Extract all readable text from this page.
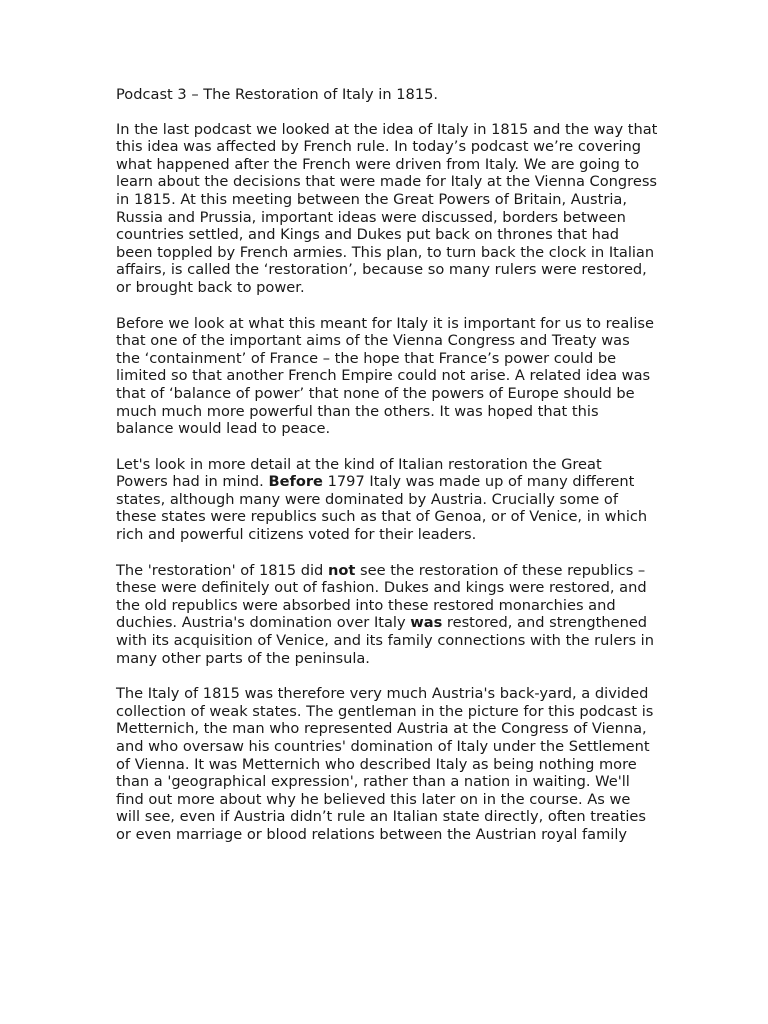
Podcast 3 – The Restoration of Italy in 1815.
In the last podcast we looked at the idea of Italy in 1815 and the way that this idea was affected by French rule. In today’s podcast we’re covering what happened after the French were driven from Italy. We are going to learn about the decisions that were made for Italy at the Vienna Congress in 1815. At this meeting between the Great Powers of Britain, Austria, Russia and Prussia, important ideas were discussed, borders between countries settled, and Kings and Dukes put back on thrones that had been toppled by French armies. This plan, to turn back the clock in Italian affairs, is called the ‘restoration’, because so many rulers were restored, or brought back to power.
Before we look at what this meant for Italy it is important for us to realise that one of the important aims of the Vienna Congress and Treaty was the ‘containment’ of France – the hope that France’s power could be limited so that another French Empire could not arise. A related idea was that of ‘balance of power’ that none of the powers of Europe should be much much more powerful than the others. It was hoped that this balance would lead to peace.
Let's look in more detail at the kind of Italian restoration the Great Powers had in mind. Before 1797 Italy was made up of many different states, although many were dominated by Austria. Crucially some of these states were republics such as that of Genoa, or of Venice, in which rich and powerful citizens voted for their leaders.
The 'restoration' of 1815 did not see the restoration of these republics – these were definitely out of fashion. Dukes and kings were restored, and the old republics were absorbed into these restored monarchies and duchies. Austria's domination over Italy was restored, and strengthened with its acquisition of Venice, and its family connections with the rulers in many other parts of the peninsula.
The Italy of 1815 was therefore very much Austria's back-yard, a divided collection of weak states. The gentleman in the picture for this podcast is Metternich, the man who represented Austria at the Congress of Vienna, and who oversaw his countries' domination of Italy under the Settlement of Vienna. It was Metternich who described Italy as being nothing more than a 'geographical expression', rather than a nation in waiting. We'll find out more about why he believed this later on in the course. As we will see, even if Austria didn’t rule an Italian state directly, often treaties or even marriage or blood relations between the Austrian royal family
